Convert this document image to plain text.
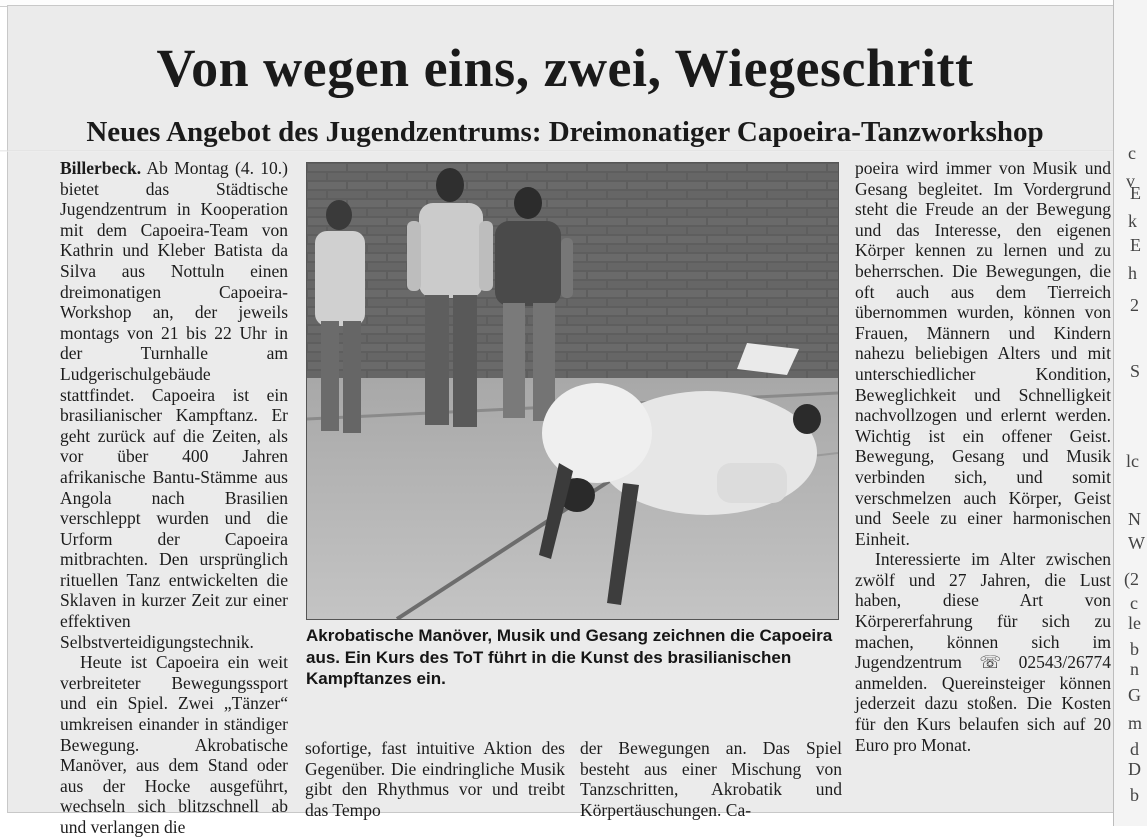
c
v
E
k
E
h
2
S
lc
N
W
(2
c
le
b
n
G
m
d
D
b
Von wegen eins, zwei, Wiegeschritt
Neues Angebot des Jugendzentrums: Dreimonatiger Capoeira-Tanzworkshop

Billerbeck. Ab Montag (4. 10.) bietet das Städtische Jugendzentrum in Kooperation mit dem Capoeira-Team von Kathrin und Kleber Batista da Silva aus Nottuln einen dreimonatigen Capoeira-Workshop an, der jeweils montags von 21 bis 22 Uhr in der Turnhalle am Ludgerischulgebäude stattfindet. Capoeira ist ein brasilianischer Kampftanz. Er geht zurück auf die Zeiten, als vor über 400 Jahren afrikanische Bantu-Stämme aus Angola nach Brasilien verschleppt wurden und die Urform der Capoeira mitbrachten. Den ursprünglich rituellen Tanz entwickelten die Sklaven in kurzer Zeit zur einer effektiven Selbstverteidigungstechnik.

Heute ist Capoeira ein weit verbreiteter Bewegungssport und ein Spiel. Zwei „Tänzer“ umkreisen einander in ständiger Bewegung. Akrobatische Manöver, aus dem Stand oder aus der Hocke ausgeführt, wechseln sich blitzschnell ab und verlangen die

Akrobatische Manöver, Musik und Gesang zeichnen die Capoeira aus. Ein Kurs des ToT führt in die Kunst des brasilianischen Kampftanzes ein.

sofortige, fast intuitive Aktion des Gegenüber. Die eindringliche Musik gibt den Rhythmus vor und treibt das Tempo

der Bewegungen an. Das Spiel besteht aus einer Mischung von Tanzschritten, Akrobatik und Körpertäuschungen. Ca-

poeira wird immer von Musik und Gesang begleitet. Im Vordergrund steht die Freude an der Bewegung und das Interesse, den eigenen Körper kennen zu lernen und zu beherrschen. Die Bewegungen, die oft auch aus dem Tierreich übernommen wurden, können von Frauen, Männern und Kindern nahezu beliebigen Alters und mit unterschiedlicher Kondition, Beweglichkeit und Schnelligkeit nachvollzogen und erlernt werden. Wichtig ist ein offener Geist. Bewegung, Gesang und Musik verbinden sich, und somit verschmelzen auch Körper, Geist und Seele zu einer harmonischen Einheit.

Interessierte im Alter zwischen zwölf und 27 Jahren, die Lust haben, diese Art von Körpererfahrung für sich zu machen, können sich im Jugendzentrum ☏ 02543/26774 anmelden. Quereinsteiger können jederzeit dazu stoßen. Die Kosten für den Kurs belaufen sich auf 20 Euro pro Monat.
